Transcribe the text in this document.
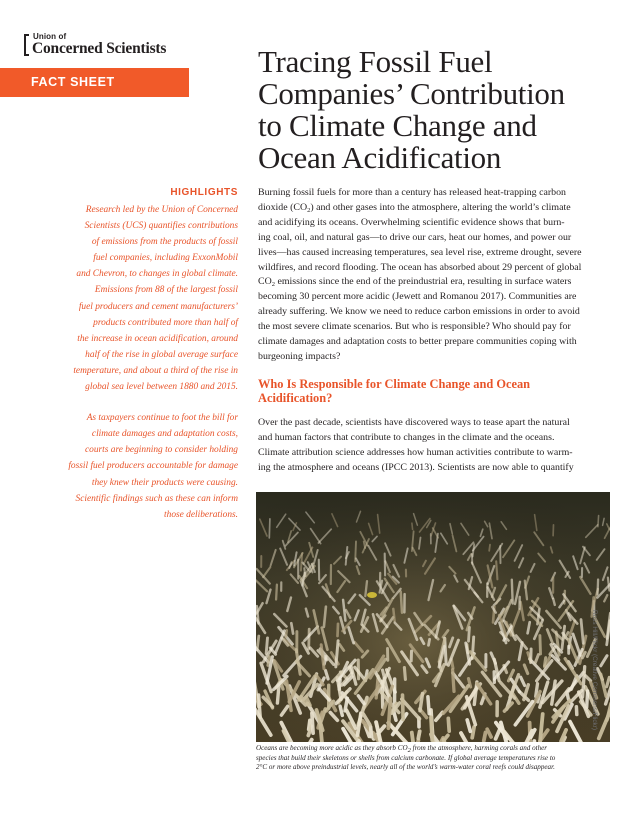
Union of
Concerned Scientists
FACT SHEET
Tracing Fossil Fuel
Companies’ Contribution
to Climate Change and
Ocean Acidification
HIGHLIGHTS

Research led by the Union of Concerned
Scientists (UCS) quantifies contributions
of emissions from the products of fossil
fuel companies, including ExxonMobil
and Chevron, to changes in global climate.
Emissions from 88 of the largest fossil
fuel producers and cement manufacturers’
products contributed more than half of
the increase in ocean acidification, around
half of the rise in global average surface
temperature, and about a third of the rise in
global sea level between 1880 and 2015.

As taxpayers continue to foot the bill for
climate damages and adaptation costs,
courts are beginning to consider holding
fossil fuel producers accountable for damage
they knew their products were causing.
Scientific findings such as these can inform
those deliberations.

Burning fossil fuels for more than a century has released heat-trapping carbon
dioxide $(CO_2)$ and other gases into the atmosphere, altering the world’s climate
and acidifying its oceans. Overwhelming scientific evidence shows that burn-
ing coal, oil, and natural gas—to drive our cars, heat our homes, and power our
lives—has caused increasing temperatures, sea level rise, extreme drought, severe
wildfires, and record flooding. The ocean has absorbed about 29 percent of global
$CO_2$ emissions since the end of the preindustrial era, resulting in surface waters
becoming 30 percent more acidic (Jewett and Romanou 2017). Communities are
already suffering. We know we need to reduce carbon emissions in order to avoid
the most severe climate scenarios. But who is responsible? Who should pay for
climate damages and adaptation costs to better prepare communities coping with
burgeoning impacts?

Who Is Responsible for Climate Change and Ocean
Acidification?

Over the past decade, scientists have discovered ways to tease apart the natural
and human factors that contribute to changes in the climate and the oceans.
Climate attribution science addresses how human activities contribute to warm-
ing the atmosphere and oceans (IPCC 2013). Scientists are now able to quantify

Ross Hill/Flickr (Creative Commons/Flickr)

Oceans are becoming more acidic as they absorb $CO_2$ from the atmosphere, harming corals and other
species that build their skeletons or shells from calcium carbonate. If global average temperatures rise to
2°C or more above preindustrial levels, nearly all of the world’s warm-water coral reefs could disappear.
